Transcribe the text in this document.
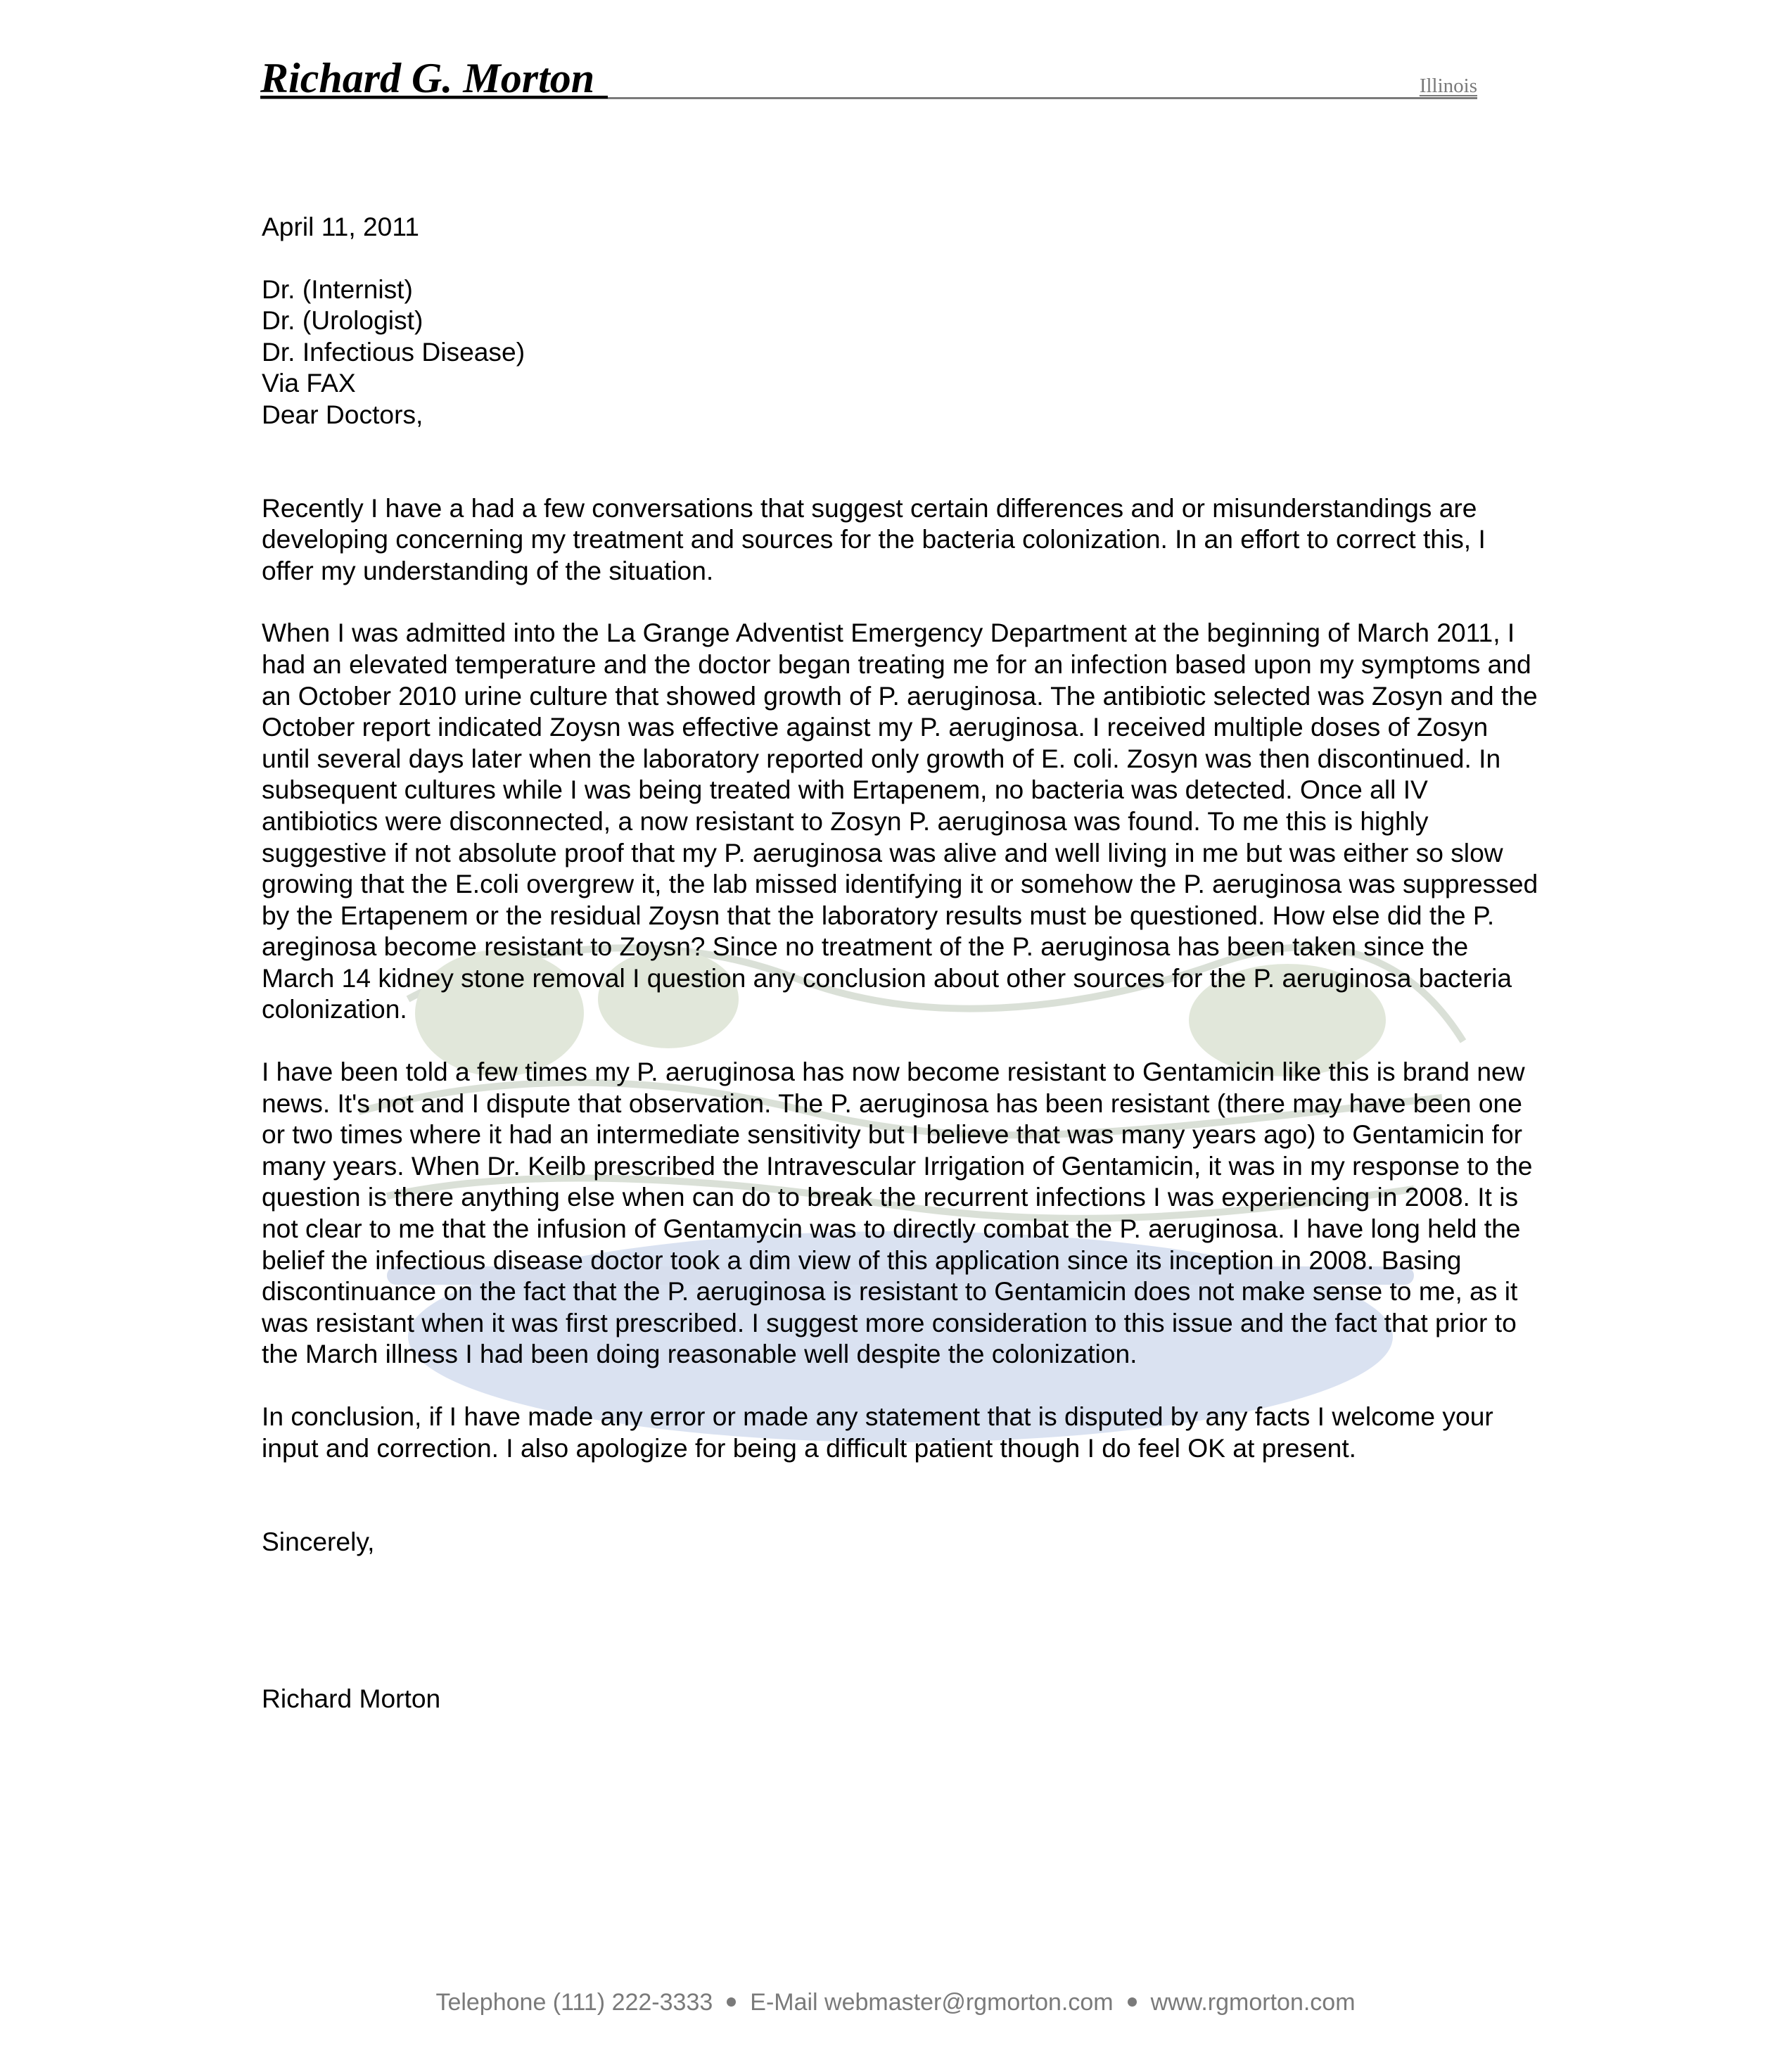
Richard G. Morton	Illinois

April 11, 2011

Dr. (Internist)
Dr. (Urologist)
Dr. Infectious Disease)

Via FAX

Dear Doctors,

Recently I have a had a few conversations that suggest certain differences and or misunderstandings are developing concerning my treatment and sources for the bacteria colonization. In an effort to correct this, I offer my understanding of the situation.

When I was admitted into the La Grange Adventist Emergency Department at the beginning of March 2011, I had an elevated temperature and the doctor began treating me for an infection based upon my symptoms and an October 2010 urine culture that showed growth of P. aeruginosa. The antibiotic selected was Zosyn and the October report indicated Zoysn was effective against my P. aeruginosa. I received multiple doses of Zosyn until several days later when the laboratory reported only growth of E. coli. Zosyn was then discontinued. In subsequent cultures while I was being treated with Ertapenem, no bacteria was detected. Once all IV antibiotics were disconnected, a now resistant to Zosyn P. aeruginosa was found. To me this is highly suggestive if not absolute proof that my P. aeruginosa was alive and well living in me but was either so slow growing that the E.coli overgrew it, the lab missed identifying it or somehow the P. aeruginosa was suppressed by the Ertapenem or the residual Zoysn that the laboratory results must be questioned. How else did the P. areginosa become resistant to Zoysn? Since no treatment of the P. aeruginosa has been taken since the March 14 kidney stone removal I question any conclusion about other sources for the P. aeruginosa bacteria colonization.

I have been told a few times my P. aeruginosa has now become resistant to Gentamicin like this is brand new news. It's not and I dispute that observation. The P. aeruginosa has been resistant (there may have been one or two times where it had an intermediate sensitivity but I believe that was many years ago) to Gentamicin for many years. When Dr. Keilb prescribed the Intravescular Irrigation of Gentamicin, it was in my response to the question is there anything else when can do to break the recurrent infections I was experiencing in 2008. It is not clear to me that the infusion of Gentamycin was to directly combat the P. aeruginosa. I have long held the belief the infectious disease doctor took a dim view of this application since its inception in 2008. Basing discontinuance on the fact that the P. aeruginosa is resistant to Gentamicin does not make sense to me, as it was resistant when it was first prescribed. I suggest more consideration to this issue and the fact that prior to the March illness I had been doing reasonable well despite the colonization.

In conclusion, if I have made any error or made any statement that is disputed by any facts I welcome your input and correction. I also apologize for being a difficult patient though I do feel OK at present.

Sincerely,

Richard Morton

Telephone (111) 222-3333 E-Mail webmaster@rgmorton.com www.rgmorton.com
